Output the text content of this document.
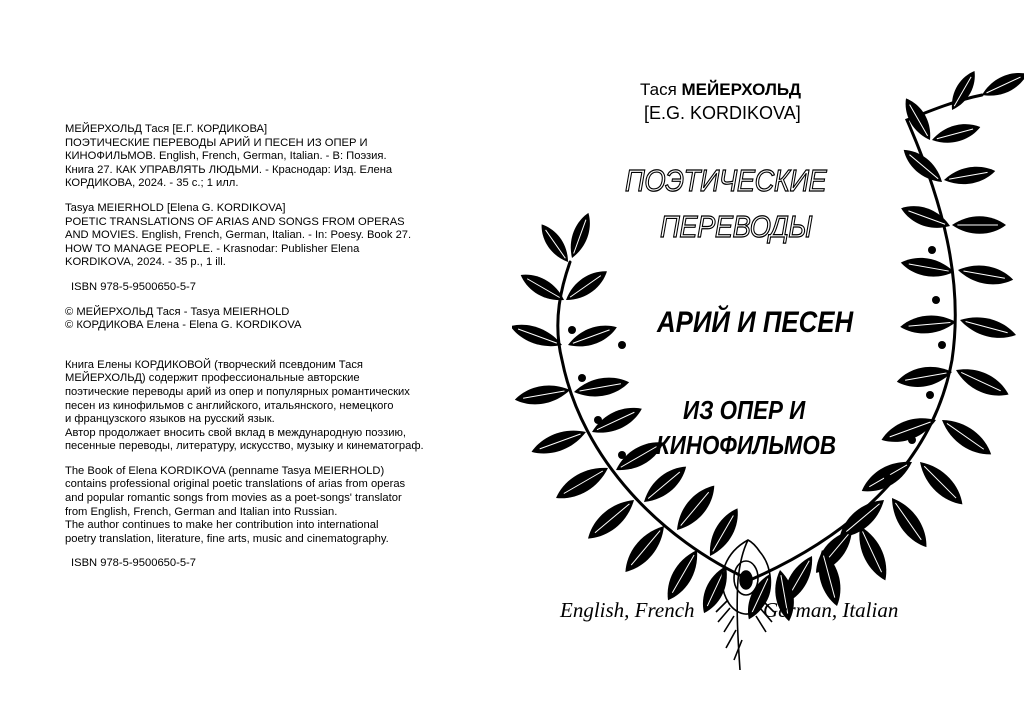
МЕЙЕРХОЛЬД Тася [Е.Г. КОРДИКОВА]
ПОЭТИЧЕСКИЕ ПЕРЕВОДЫ АРИЙ И ПЕСЕН ИЗ ОПЕР И
КИНОФИЛЬМОВ. English, French, German, Italian. - В: Поэзия.
Книга 27. КАК УПРАВЛЯТЬ ЛЮДЬМИ. - Краснодар: Изд. Елена
КОРДИКОВА, 2024. - 35 с.; 1 илл.

Tasya MEIERHOLD [Elena G. KORDIKOVA]
POETIC TRANSLATIONS OF ARIAS AND SONGS FROM OPERAS
AND MOVIES. English, French, German, Italian. - In: Poesy. Book 27.
HOW TO MANAGE PEOPLE. - Krasnodar: Publisher Elena
KORDIKOVA, 2024. - 35 p., 1 ill.

ISBN 978-5-9500650-5-7

© МЕЙЕРХОЛЬД Тася - Tasya MEIERHOLD
© КОРДИКОВА Елена - Elena G. KORDIKOVA

Книга Елены КОРДИКОВОЙ (творческий псевдоним Тася
МЕЙЕРХОЛЬД) содержит профессиональные авторские
поэтические переводы арий из опер и популярных романтических
песен из кинофильмов с английского, итальянского, немецкого
и французского языков на русский язык.
Автор продолжает вносить свой вклад в международную поэзию,
песенные переводы, литературу, искусство, музыку и кинематограф.

The Book of Elena KORDIKOVA (penname Tasya MEIERHOLD)
contains professional original poetic translations of arias from operas
and popular romantic songs from movies as a poet-songs' translator
from English, French, German and Italian into Russian.
The author continues to make her contribution into international
poetry translation, literature, fine arts, music and cinematography.

ISBN 978-5-9500650-5-7

Тася МЕЙЕРХОЛЬД
[E.G. KORDIKOVA]
ПОЭТИЧЕСКИЕ
ПЕРЕВОДЫ
АРИЙ И ПЕСЕН
ИЗ ОПЕР И
КИНОФИЛЬМОВ
English, French	German, Italian
